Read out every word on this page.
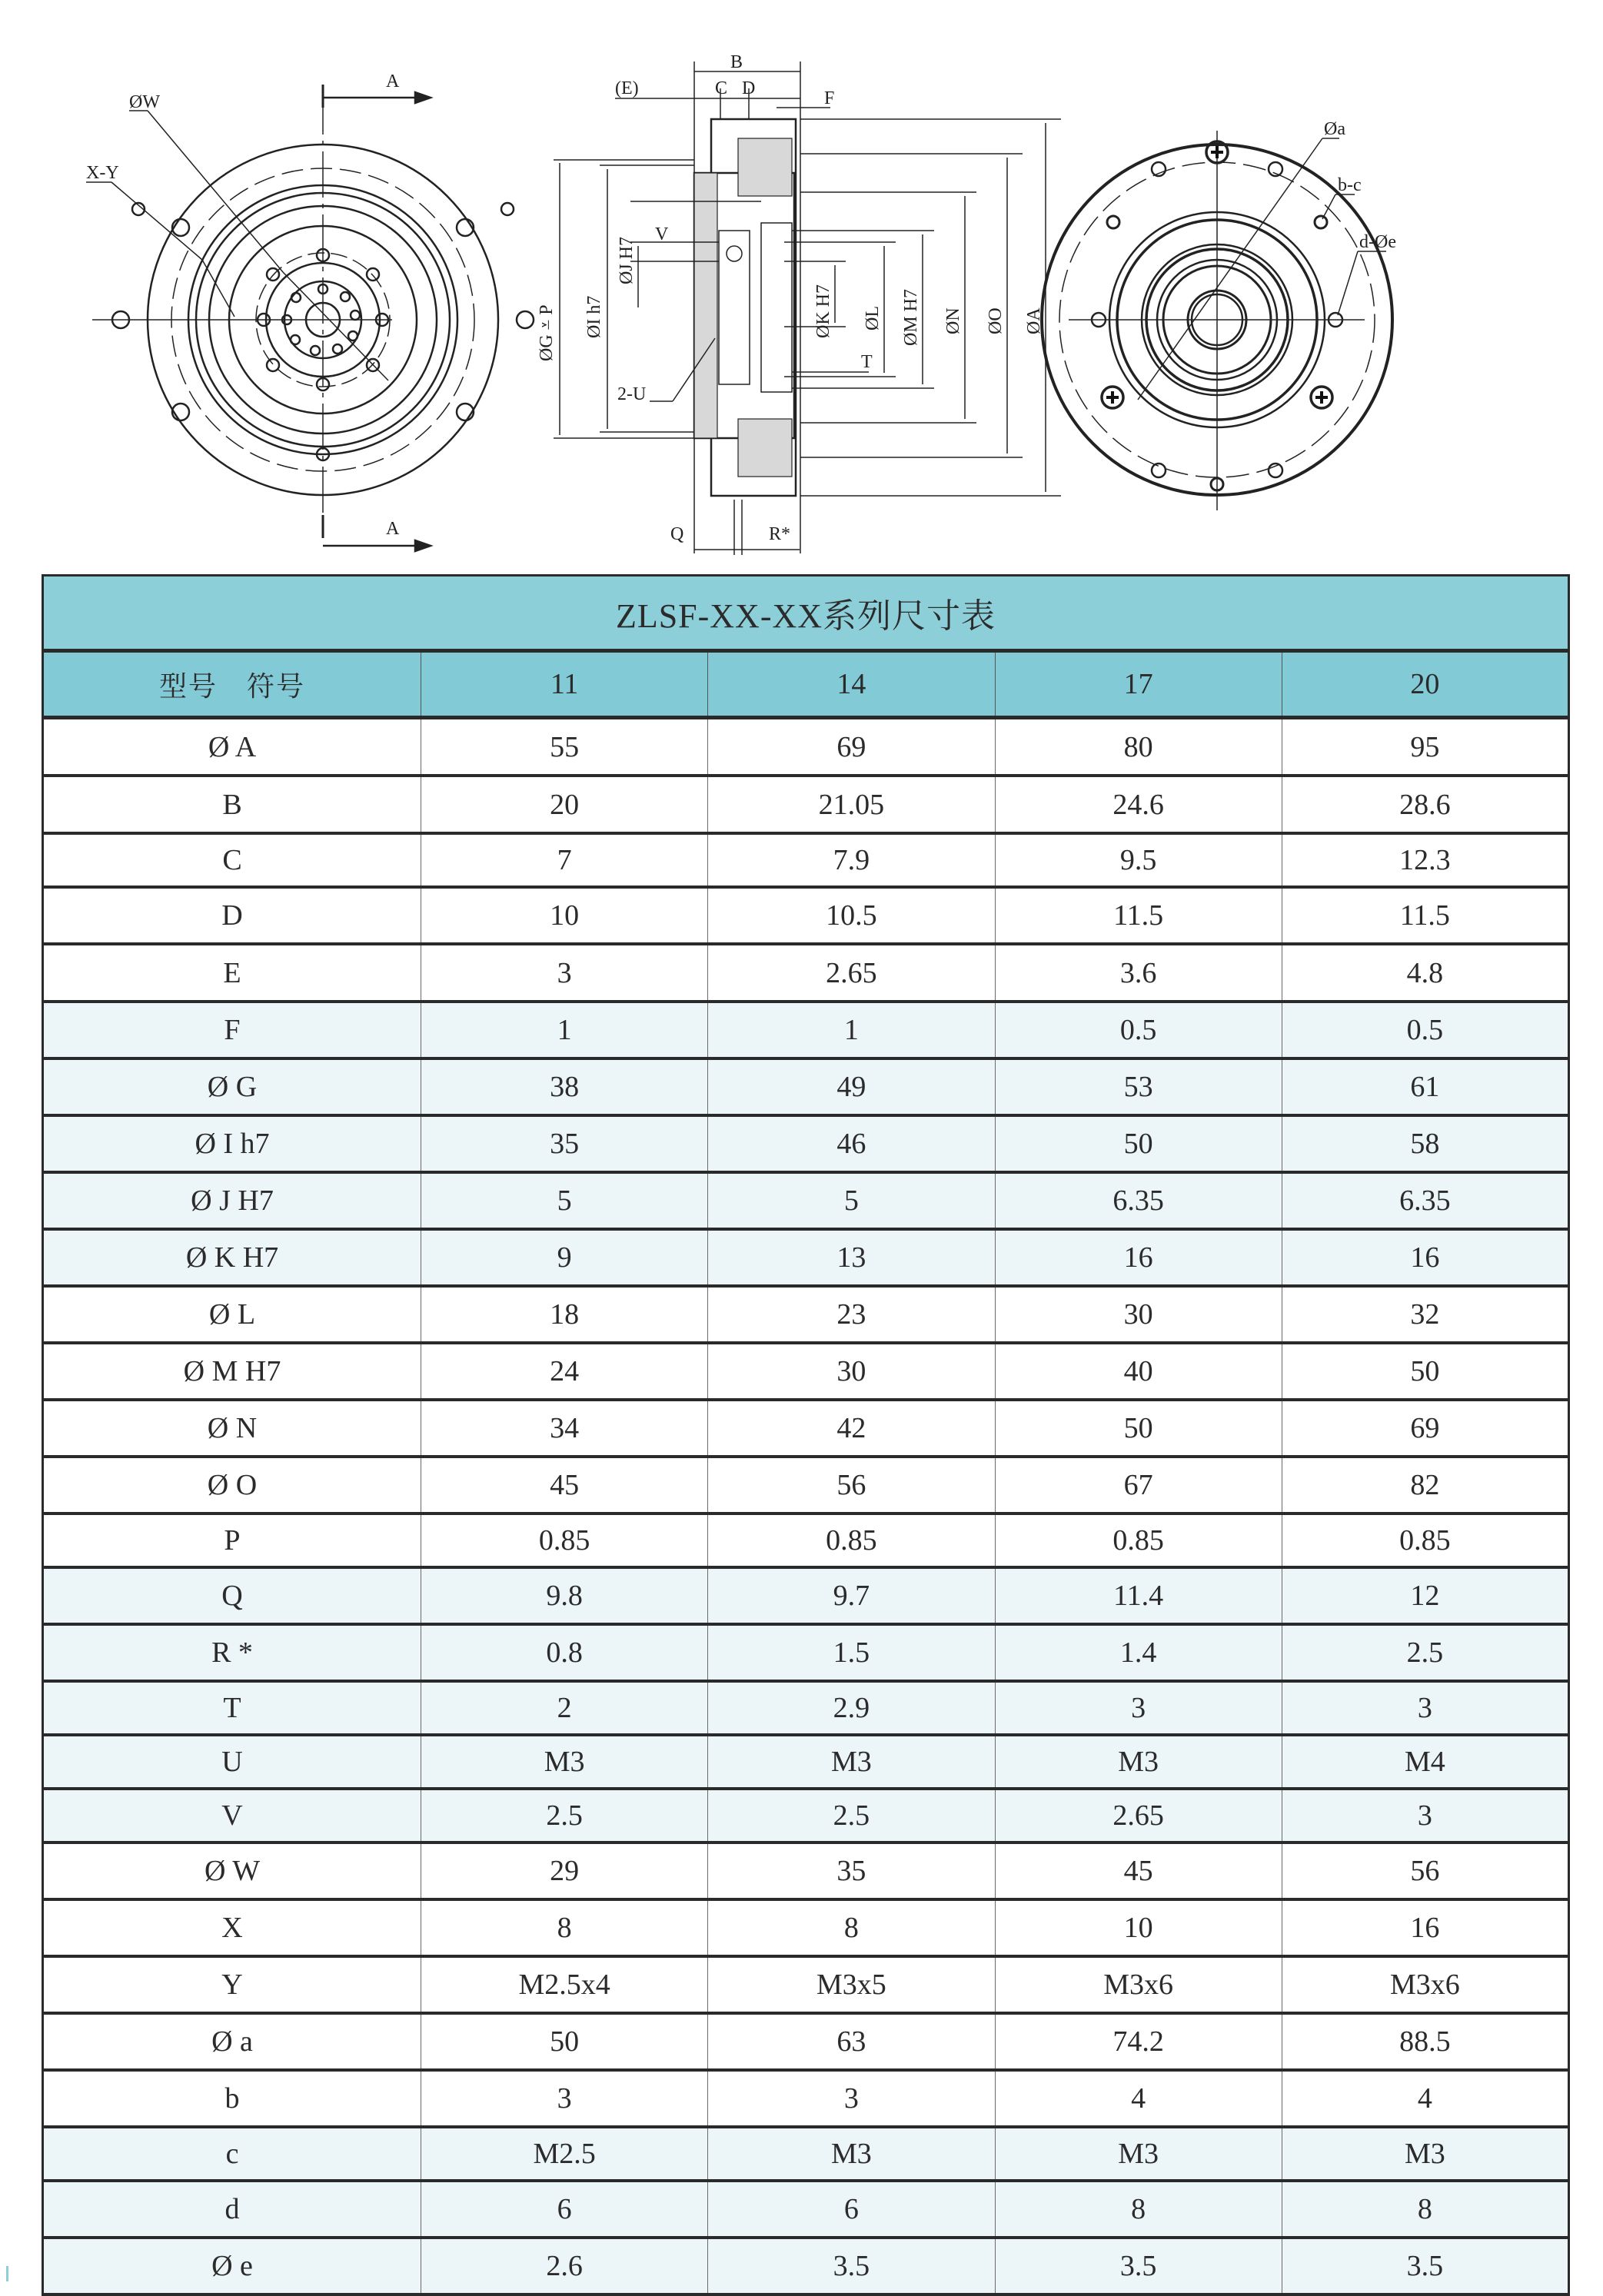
A
A
ØW
X-Y
B
(E)	C D	F
V
2-U
T
Q	R*
ØG ⩡ P ØI h7
ØJ H7
ØK H7 ØL ØM H7 ØN ØO ØA
Øa
b-c
d-Øe
ZLSF-XX-XX系列尺寸表				
型号　符号	11	14	17	20
Ø A	55	69	80	95
B	20	21.05	24.6	28.6
C	7	7.9	9.5	12.3
D	10	10.5	11.5	11.5
E	3	2.65	3.6	4.8
F	1	1	0.5	0.5
Ø G	38	49	53	61
Ø I h7	35	46	50	58
Ø J H7	5	5	6.35	6.35
Ø K H7	9	13	16	16
Ø L	18	23	30	32
Ø M H7	24	30	40	50
Ø N	34	42	50	69
Ø O	45	56	67	82
P	0.85	0.85	0.85	0.85
Q	9.8	9.7	11.4	12
R *	0.8	1.5	1.4	2.5
T	2	2.9	3	3
U	M3	M3	M3	M4
V	2.5	2.5	2.65	3
Ø W	29	35	45	56
X	8	8	10	16
Y	M2.5x4	M3x5	M3x6	M3x6
Ø a	50	63	74.2	88.5
b	3	3	4	4
c	M2.5	M3	M3	M3
d	6	6	8	8
Ø e	2.6	3.5	3.5	3.5
